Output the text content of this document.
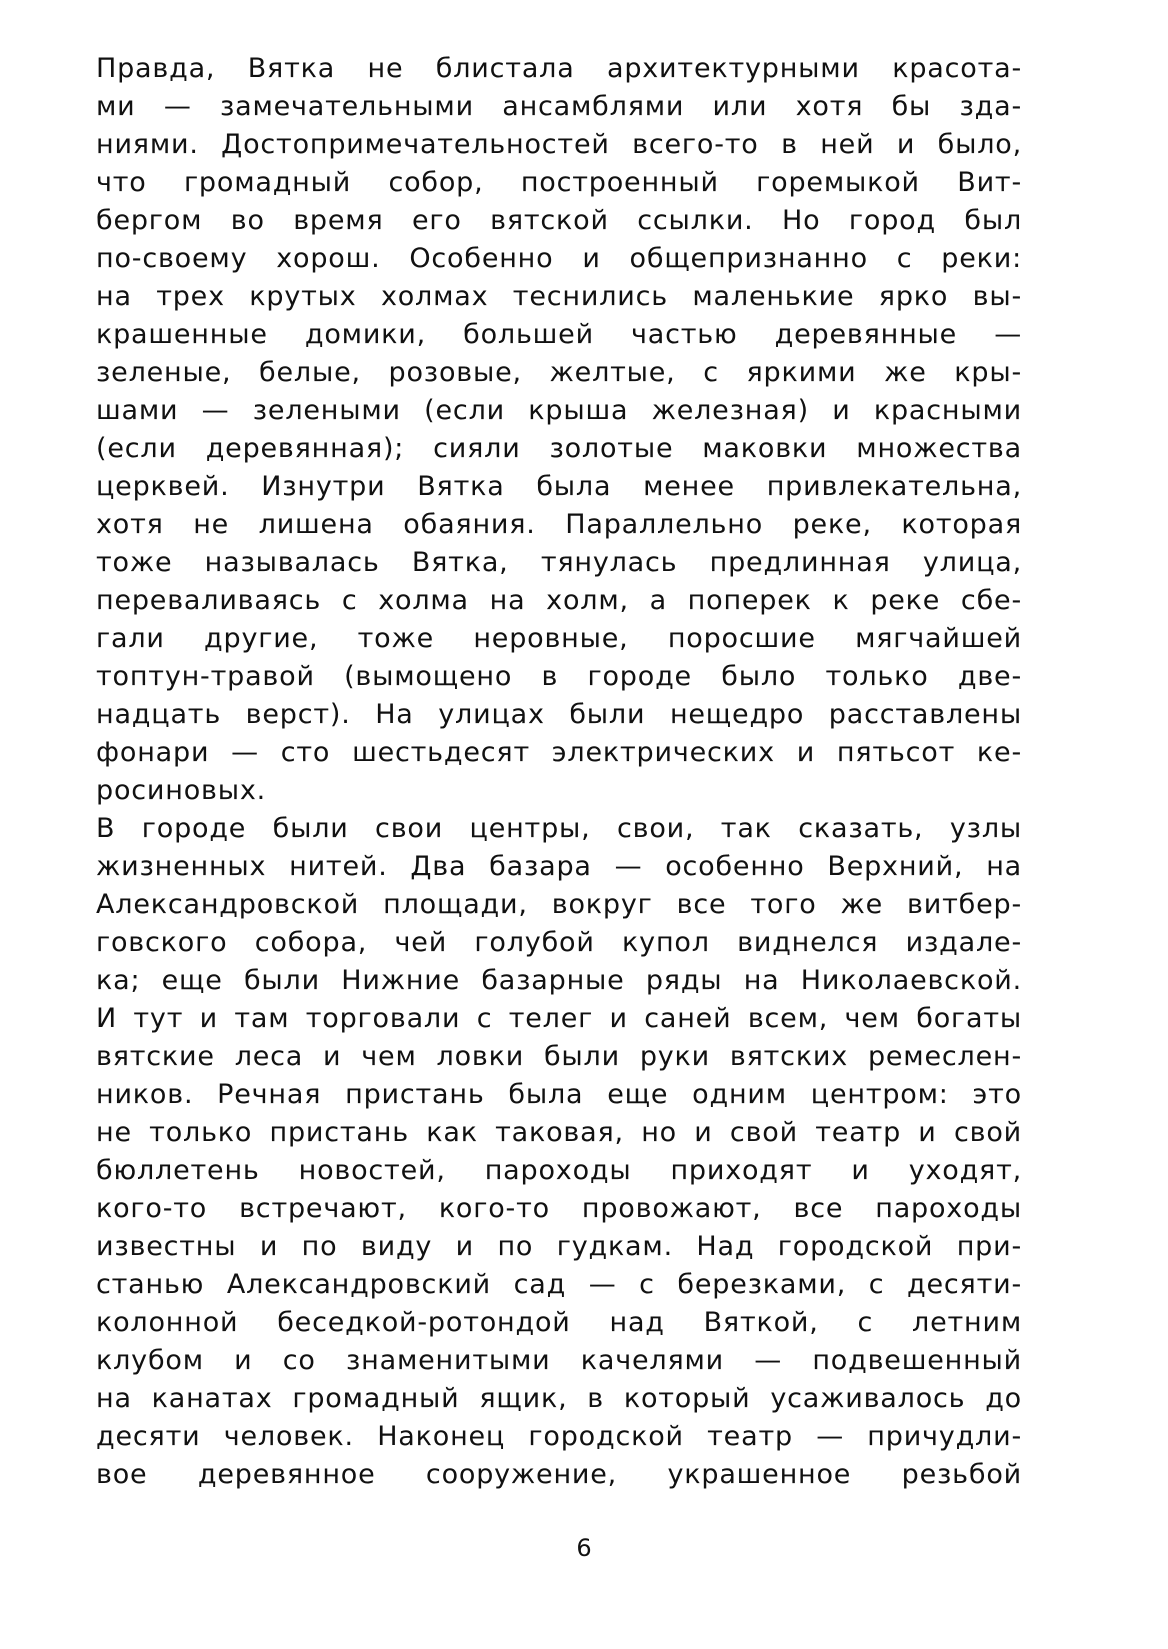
Правда, Вятка не блистала архитектурными красота-
ми — замечательными ансамблями или хотя бы зда-
ниями. Достопримечательностей всего-то в ней и было,
что громадный собор, построенный горемыкой Вит-
бергом во время его вятской ссылки. Но город был
по-своему хорош. Особенно и общепризнанно с реки:
на трех крутых холмах теснились маленькие ярко вы-
крашенные домики, большей частью деревянные —
зеленые, белые, розовые, желтые, с яркими же кры-
шами — зелеными (если крыша железная) и красными
(если деревянная); сияли золотые маковки множества
церквей. Изнутри Вятка была менее привлекательна,
хотя не лишена обаяния. Параллельно реке, которая
тоже называлась Вятка, тянулась предлинная улица,
переваливаясь с холма на холм, а поперек к реке сбе-
гали другие, тоже неровные, поросшие мягчайшей
топтун-травой (вымощено в городе было только две-
надцать верст). На улицах были нещедро расставлены
фонари — сто шестьдесят электрических и пятьсот ке-
росиновых.
В городе были свои центры, свои, так сказать, узлы
жизненных нитей. Два базара — особенно Верхний, на
Александровской площади, вокруг все того же витбер-
говского собора, чей голубой купол виднелся издале-
ка; еще были Нижние базарные ряды на Николаевской.
И тут и там торговали с телег и саней всем, чем богаты
вятские леса и чем ловки были руки вятских ремеслен-
ников. Речная пристань была еще одним центром: это
не только пристань как таковая, но и свой театр и свой
бюллетень новостей, пароходы приходят и уходят,
кого-то встречают, кого-то провожают, все пароходы
известны и по виду и по гудкам. Над городской при-
станью Александровский сад — с березками, с десяти-
колонной беседкой-ротондой над Вяткой, с летним
клубом и со знаменитыми качелями — подвешенный
на канатах громадный ящик, в который усаживалось до
десяти человек. Наконец городской театр — причудли-
вое деревянное сооружение, украшенное резьбой
6
